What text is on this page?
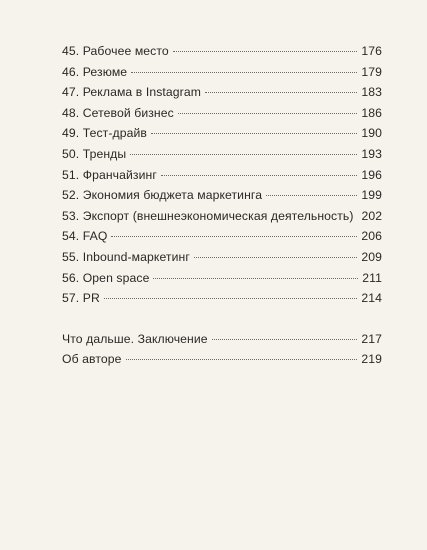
45. Рабочее место	176
46. Резюме	179
47. Реклама в Instagram	183
48. Сетевой бизнес	186
49. Тест-драйв	190
50. Тренды	193
51. Франчайзинг	196
52. Экономия бюджета маркетинга	199
53. Экспорт (внешнеэкономическая деятельность) 202
54. FAQ	206
55. Inbound-маркетинг	209
56. Open space	211
57. PR	214
Что дальше. Заключение	217
Об авторе	219
